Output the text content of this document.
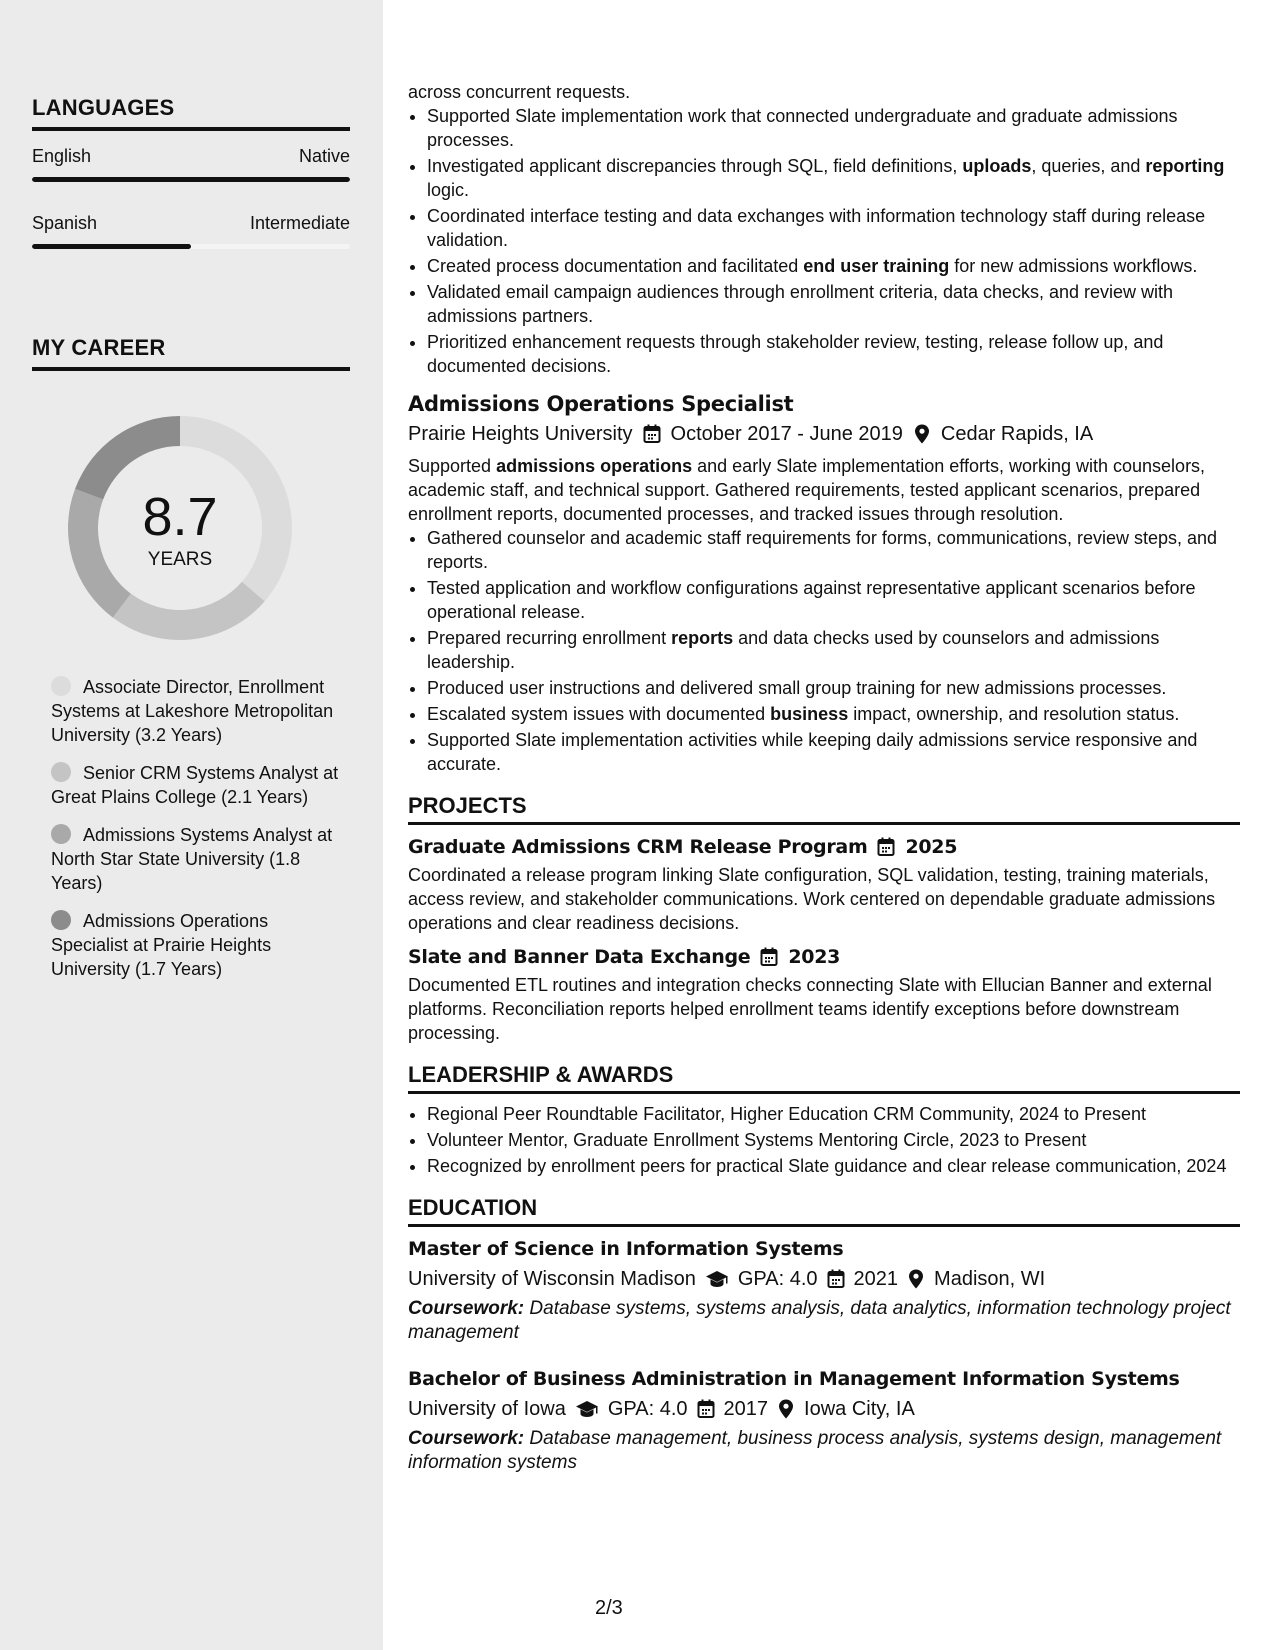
LANGUAGES
English	Native
Spanish	Intermediate
MY CAREER
8.7
YEARS
Associate Director, Enrollment Systems at Lakeshore Metropolitan University (3.2 Years)
Senior CRM Systems Analyst at Great Plains College (2.1 Years)
Admissions Systems Analyst at North Star State University (1.8 Years)
Admissions Operations Specialist at Prairie Heights University (1.7 Years)
across concurrent requests.
• Supported Slate implementation work that connected undergraduate and graduate admissions processes.
• Investigated applicant discrepancies through SQL, field definitions, uploads, queries, and reporting logic.
• Coordinated interface testing and data exchanges with information technology staff during release validation.
• Created process documentation and facilitated end user training for new admissions workflows.
• Validated email campaign audiences through enrollment criteria, data checks, and review with admissions partners.
• Prioritized enhancement requests through stakeholder review, testing, release follow up, and documented decisions.
Admissions Operations Specialist
Prairie Heights University October 2017 - June 2019 Cedar Rapids, IA
Supported admissions operations and early Slate implementation efforts, working with counselors, academic staff, and technical support. Gathered requirements, tested applicant scenarios, prepared enrollment reports, documented processes, and tracked issues through resolution.
• Gathered counselor and academic staff requirements for forms, communications, review steps, and reports.
• Tested application and workflow configurations against representative applicant scenarios before operational release.
• Prepared recurring enrollment reports and data checks used by counselors and admissions leadership.
• Produced user instructions and delivered small group training for new admissions processes.
• Escalated system issues with documented business impact, ownership, and resolution status.
• Supported Slate implementation activities while keeping daily admissions service responsive and accurate.
PROJECTS
Graduate Admissions CRM Release Program 2025
Coordinated a release program linking Slate configuration, SQL validation, testing, training materials, access review, and stakeholder communications. Work centered on dependable graduate admissions operations and clear readiness decisions.
Slate and Banner Data Exchange 2023
Documented ETL routines and integration checks connecting Slate with Ellucian Banner and external platforms. Reconciliation reports helped enrollment teams identify exceptions before downstream processing.
LEADERSHIP & AWARDS
• Regional Peer Roundtable Facilitator, Higher Education CRM Community, 2024 to Present
• Volunteer Mentor, Graduate Enrollment Systems Mentoring Circle, 2023 to Present
• Recognized by enrollment peers for practical Slate guidance and clear release communication, 2024
EDUCATION
Master of Science in Information Systems
University of Wisconsin Madison GPA: 4.0 2021 Madison, WI
Coursework: Database systems, systems analysis, data analytics, information technology project management
Bachelor of Business Administration in Management Information Systems
University of Iowa GPA: 4.0 2017 Iowa City, IA
Coursework: Database management, business process analysis, systems design, management information systems
2/3
